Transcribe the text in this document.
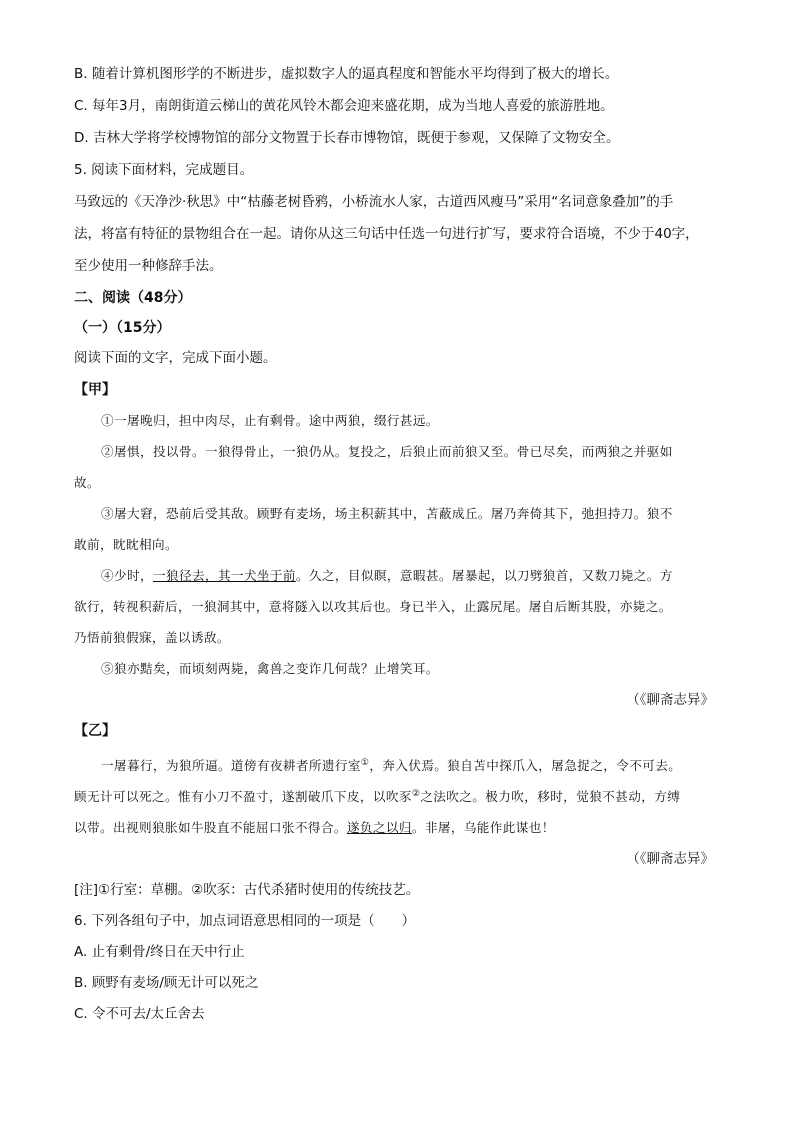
B. 随着计算机图形学的不断进步，虚拟数字人的逼真程度和智能水平均得到了极大的增长。
C. 每年3月，南朗街道云梯山的黄花风铃木都会迎来盛花期，成为当地人喜爱的旅游胜地。
D. 吉林大学将学校博物馆的部分文物置于长春市博物馆，既便于参观，又保障了文物安全。
5. 阅读下面材料，完成题目。
马致远的《天净沙·秋思》中“枯藤老树昏鸦，小桥流水人家，古道西风瘦马”采用“名词意象叠加”的手
法，将富有特征的景物组合在一起。请你从这三句话中任选一句进行扩写，要求符合语境，不少于40字，
至少使用一种修辞手法。
二、阅读（48分）
（一）（15分）
阅读下面的文字，完成下面小题。
【甲】
①一屠晚归，担中肉尽，止有剩骨。途中两狼，缀行甚远。
②屠惧，投以骨。一狼得骨止，一狼仍从。复投之，后狼止而前狼又至。骨已尽矣，而两狼之并驱如
故。
③屠大窘，恐前后受其敌。顾野有麦场，场主积薪其中，苫蔽成丘。屠乃奔倚其下，弛担持刀。狼不
敢前，眈眈相向。
④少时，一狼径去，其一犬坐于前。久之，目似瞑，意暇甚。屠暴起，以刀劈狼首，又数刀毙之。方
欲行，转视积薪后，一狼洞其中，意将隧入以攻其后也。身已半入，止露尻尾。屠自后断其股，亦毙之。
乃悟前狼假寐，盖以诱敌。
⑤狼亦黠矣，而顷刻两毙，禽兽之变诈几何哉？止增笑耳。
（《聊斋志异》
【乙】
一屠暮行，为狼所逼。道傍有夜耕者所遗行室①，奔入伏焉。狼自苫中探爪入，屠急捉之，令不可去。
顾无计可以死之。惟有小刀不盈寸，遂割破爪下皮，以吹豕②之法吹之。极力吹，移时，觉狼不甚动，方缚
以带。出视则狼胀如牛股直不能屈口张不得合。遂负之以归。非屠，乌能作此谋也！
（《聊斋志异》
[注]①行室：草棚。②吹豕：古代杀猪时使用的传统技艺。
6. 下列各组句子中，加点词语意思相同的一项是（　　）
A. 止有剩骨/终日在天中行止
B. 顾野有麦场/顾无计可以死之
C. 令不可去/太丘舍去
